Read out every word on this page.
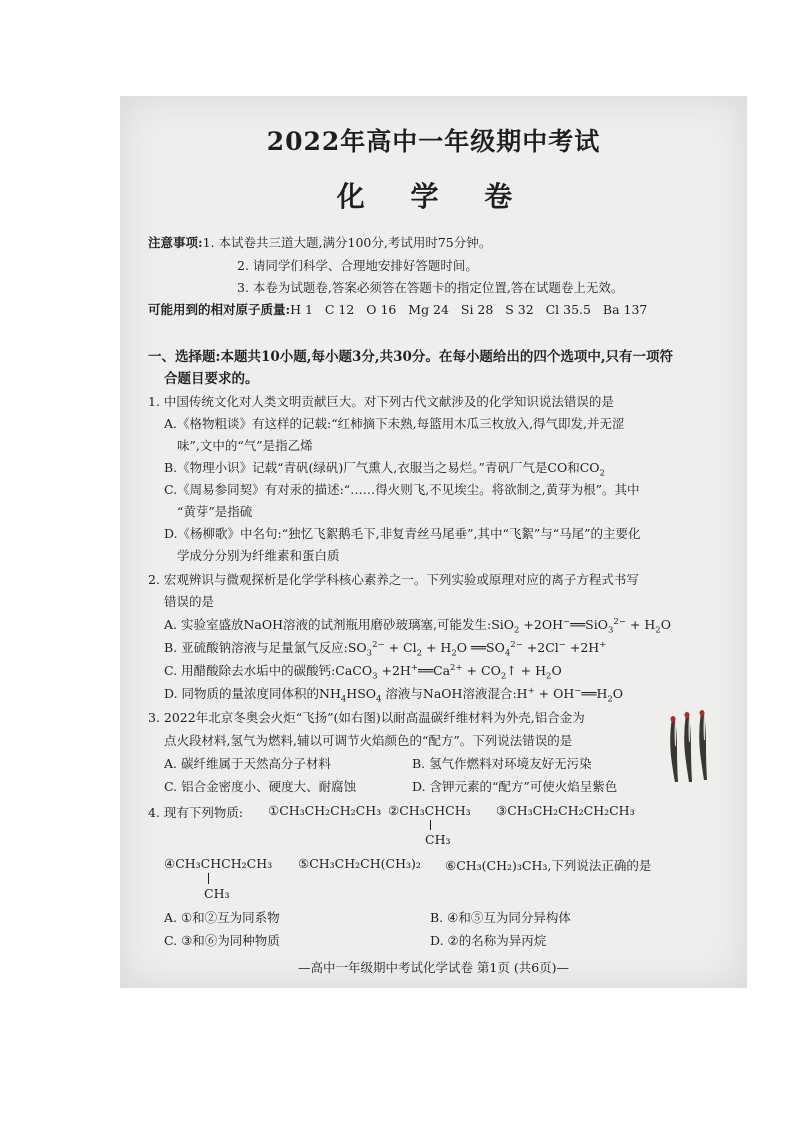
2022年高中一年级期中考试
化 学 卷
注意事项:1. 本试卷共三道大题,满分100分,考试用时75分钟。
2. 请同学们科学、合理地安排好答题时间。
3. 本卷为试题卷,答案必须答在答题卡的指定位置,答在试题卷上无效。
可能用到的相对原子质量:H 1   C 12   O 16   Mg 24   Si 28   S 32   Cl 35.5   Ba 137
一、选择题:本题共10小题,每小题3分,共30分。在每小题给出的四个选项中,只有一项符
合题目要求的。
1. 中国传统文化对人类文明贡献巨大。对下列古代文献涉及的化学知识说法错误的是
A.《格物粗谈》有这样的记载:“红柿摘下未熟,每篮用木瓜三枚放入,得气即发,并无涩
味”,文中的“气”是指乙烯
B.《物理小识》记载“青矾(绿矾)厂气熏人,衣服当之易烂。”青矾厂气是CO和$CO_2$
C.《周易参同契》有对汞的描述:“……得火则飞,不见埃尘。将欲制之,黄芽为根”。其中
“黄芽”是指硫
D.《杨柳歌》中名句:“独忆飞絮鹅毛下,非复青丝马尾垂”,其中“飞絮”与“马尾”的主要化
学成分分别为纤维素和蛋白质
2. 宏观辨识与微观探析是化学学科核心素养之一。下列实验或原理对应的离子方程式书写
错误的是
A. 实验室盛放NaOH溶液的试剂瓶用磨砂玻璃塞,可能发生:SiO$_2$ +2OH−══SiO$_3^{2-}$ + $H_2O$
B. 亚硫酸钠溶液与足量氯气反应$:SO_3^{2-} + Cl_2 + H_2O$ $══SO_4^{2-} +2Cl^- +2H^+$
C. 用醋酸除去水垢中的碳酸钙:CaCO$_3$ $+2H^+══Ca^{2+}$ + $CO_2↑ + H_2O$
D. 同物质的量浓度同体积的$NH_4HSO_4$ 溶液与NaOH溶液混合:H+ + $OH^-══H_2O$
3. 2022年北京冬奥会火炬“飞扬”(如右图)以耐高温碳纤维材料为外壳,铝合金为
点火段材料,氢气为燃料,辅以可调节火焰颜色的“配方”。下列说法错误的是
A. 碳纤维属于天然高分子材料	B. 氢气作燃料对环境友好无污染
C. 铝合金密度小、硬度大、耐腐蚀	D. 含钾元素的“配方”可使火焰呈紫色
4. 现有下列物质: ①CH₃CH₂CH₂CH₃ ②CH₃CHCH₃
CH₃
③CH₃CH₂CH₂CH₂CH₃
④CH₃CHCH₂CH₃
CH₃
⑤CH₃CH₂CH(CH₃)₂ ⑥CH₃(CH₂)₃CH₃,下列说法正确的是
A. ①和②互为同系物	B. ④和⑤互为同分异构体
C. ③和⑥为同种物质	D. ②的名称为异丙烷
—高中一年级期中考试化学试卷 第1页 (共6页)—
